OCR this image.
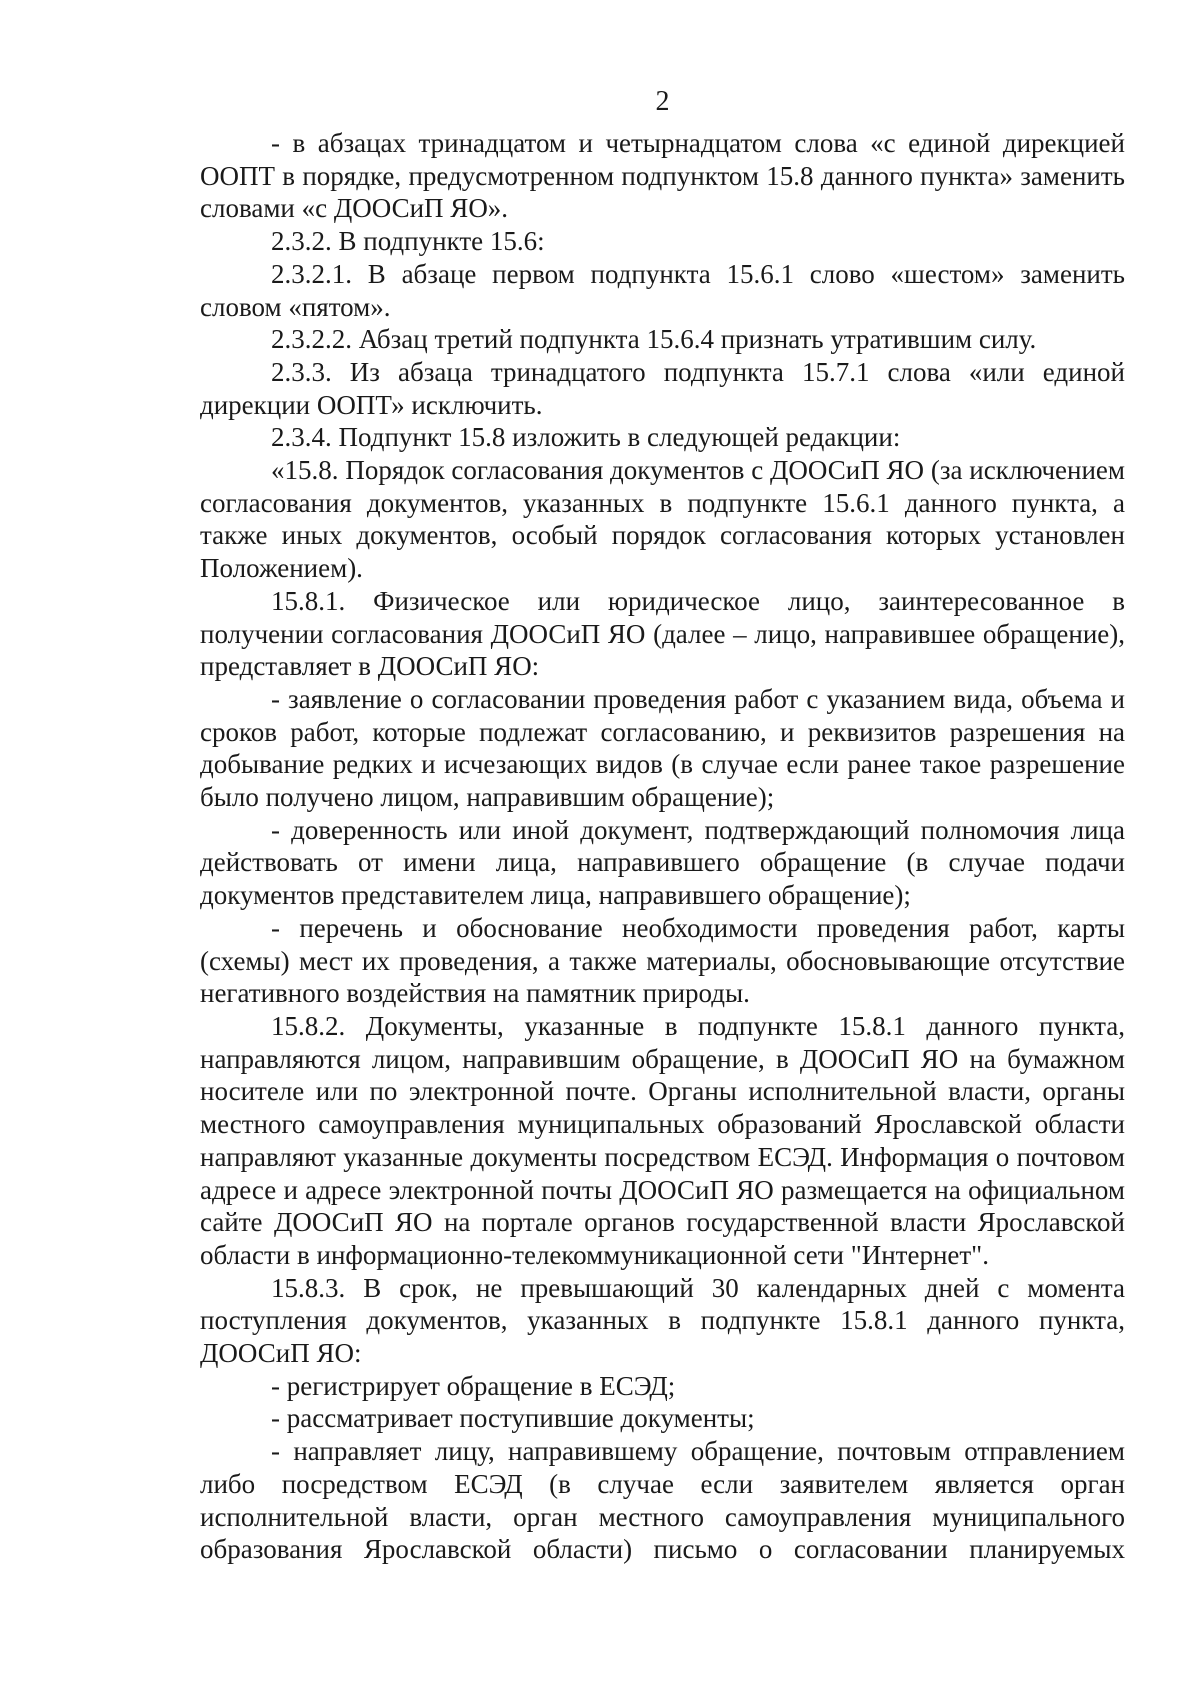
2

- в абзацах тринадцатом и четырнадцатом слова «с единой дирекцией ООПТ в порядке, предусмотренном подпунктом 15.8 данного пункта» заменить словами «с ДООСиП ЯО».

2.3.2. В подпункте 15.6:

2.3.2.1. В абзаце первом подпункта 15.6.1 слово «шестом» заменить словом «пятом».

2.3.2.2. Абзац третий подпункта 15.6.4 признать утратившим силу.

2.3.3. Из абзаца тринадцатого подпункта 15.7.1 слова «или единой дирекции ООПТ» исключить.

2.3.4. Подпункт 15.8 изложить в следующей редакции:

«15.8. Порядок согласования документов с ДООСиП ЯО (за исключением согласования документов, указанных в подпункте 15.6.1 данного пункта, а также иных документов, особый порядок согласования которых установлен Положением).

15.8.1. Физическое или юридическое лицо, заинтересованное в получении согласования ДООСиП ЯО (далее – лицо, направившее обращение), представляет в ДООСиП ЯО:

- заявление о согласовании проведения работ с указанием вида, объема и сроков работ, которые подлежат согласованию, и реквизитов разрешения на добывание редких и исчезающих видов (в случае если ранее такое разрешение было получено лицом, направившим обращение);

- доверенность или иной документ, подтверждающий полномочия лица действовать от имени лица, направившего обращение (в случае подачи документов представителем лица, направившего обращение);

- перечень и обоснование необходимости проведения работ, карты (схемы) мест их проведения, а также материалы, обосновывающие отсутствие негативного воздействия на памятник природы.

15.8.2. Документы, указанные в подпункте 15.8.1 данного пункта, направляются лицом, направившим обращение, в ДООСиП ЯО на бумажном носителе или по электронной почте. Органы исполнительной власти, органы местного самоуправления муниципальных образований Ярославской области направляют указанные документы посредством ЕСЭД. Информация о почтовом адресе и адресе электронной почты ДООСиП ЯО размещается на официальном сайте ДООСиП ЯО на портале органов государственной власти Ярославской области в информационно-телекоммуникационной сети "Интернет".

15.8.3. В срок, не превышающий 30 календарных дней с момента поступления документов, указанных в подпункте 15.8.1 данного пункта, ДООСиП ЯО:

- регистрирует обращение в ЕСЭД;

- рассматривает поступившие документы;

- направляет лицу, направившему обращение, почтовым отправлением либо посредством ЕСЭД (в случае если заявителем является орган исполнительной власти, орган местного самоуправления муниципального образования Ярославской области) письмо о согласовании планируемых
